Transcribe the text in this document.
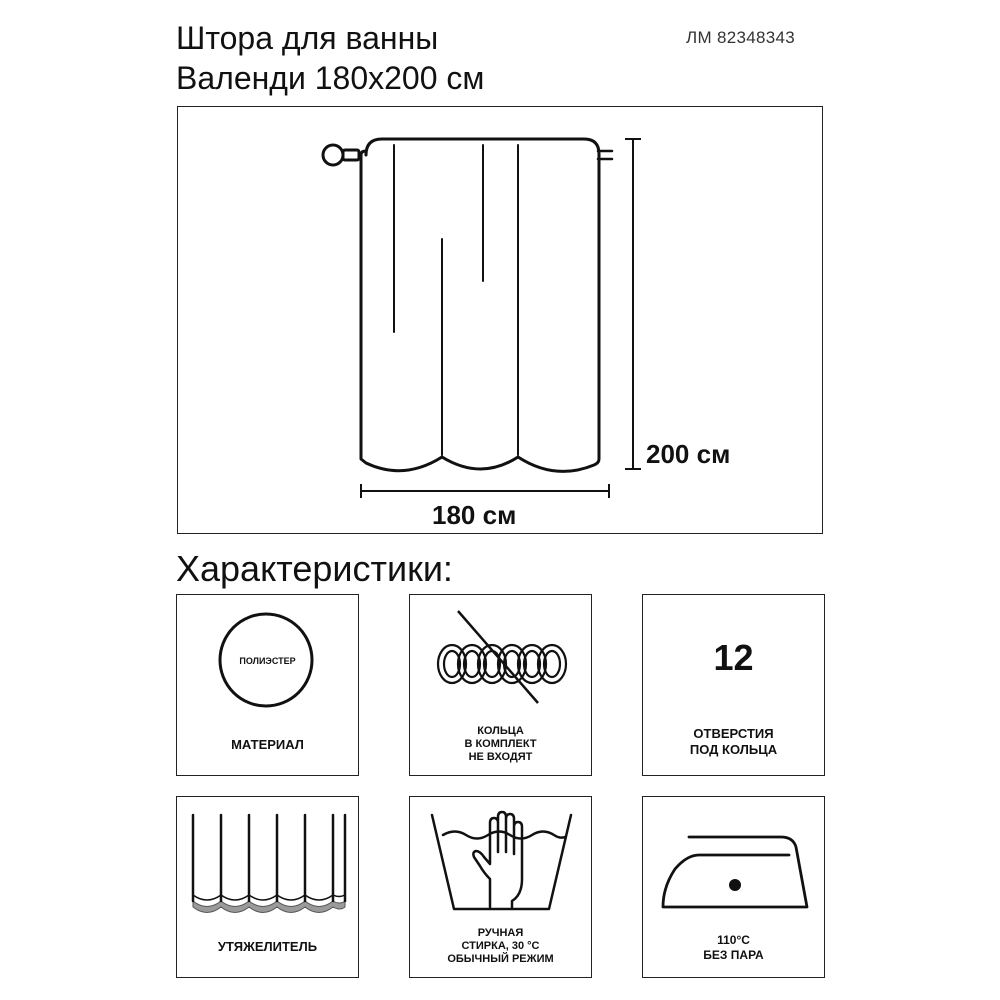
Штора для ванны
Валенди 180x200 см
ЛМ 82348343
200 см
180 см
Характеристики:
ПОЛИЭСТЕР
МАТЕРИАЛ
КОЛЬЦА
В КОМПЛЕКТ
НЕ ВХОДЯТ
12
ОТВЕРСТИЯ
ПОД КОЛЬЦА
УТЯЖЕЛИТЕЛЬ
РУЧНАЯ
СТИРКА, 30 °C
ОБЫЧНЫЙ РЕЖИМ
110°C
БЕЗ ПАРА
